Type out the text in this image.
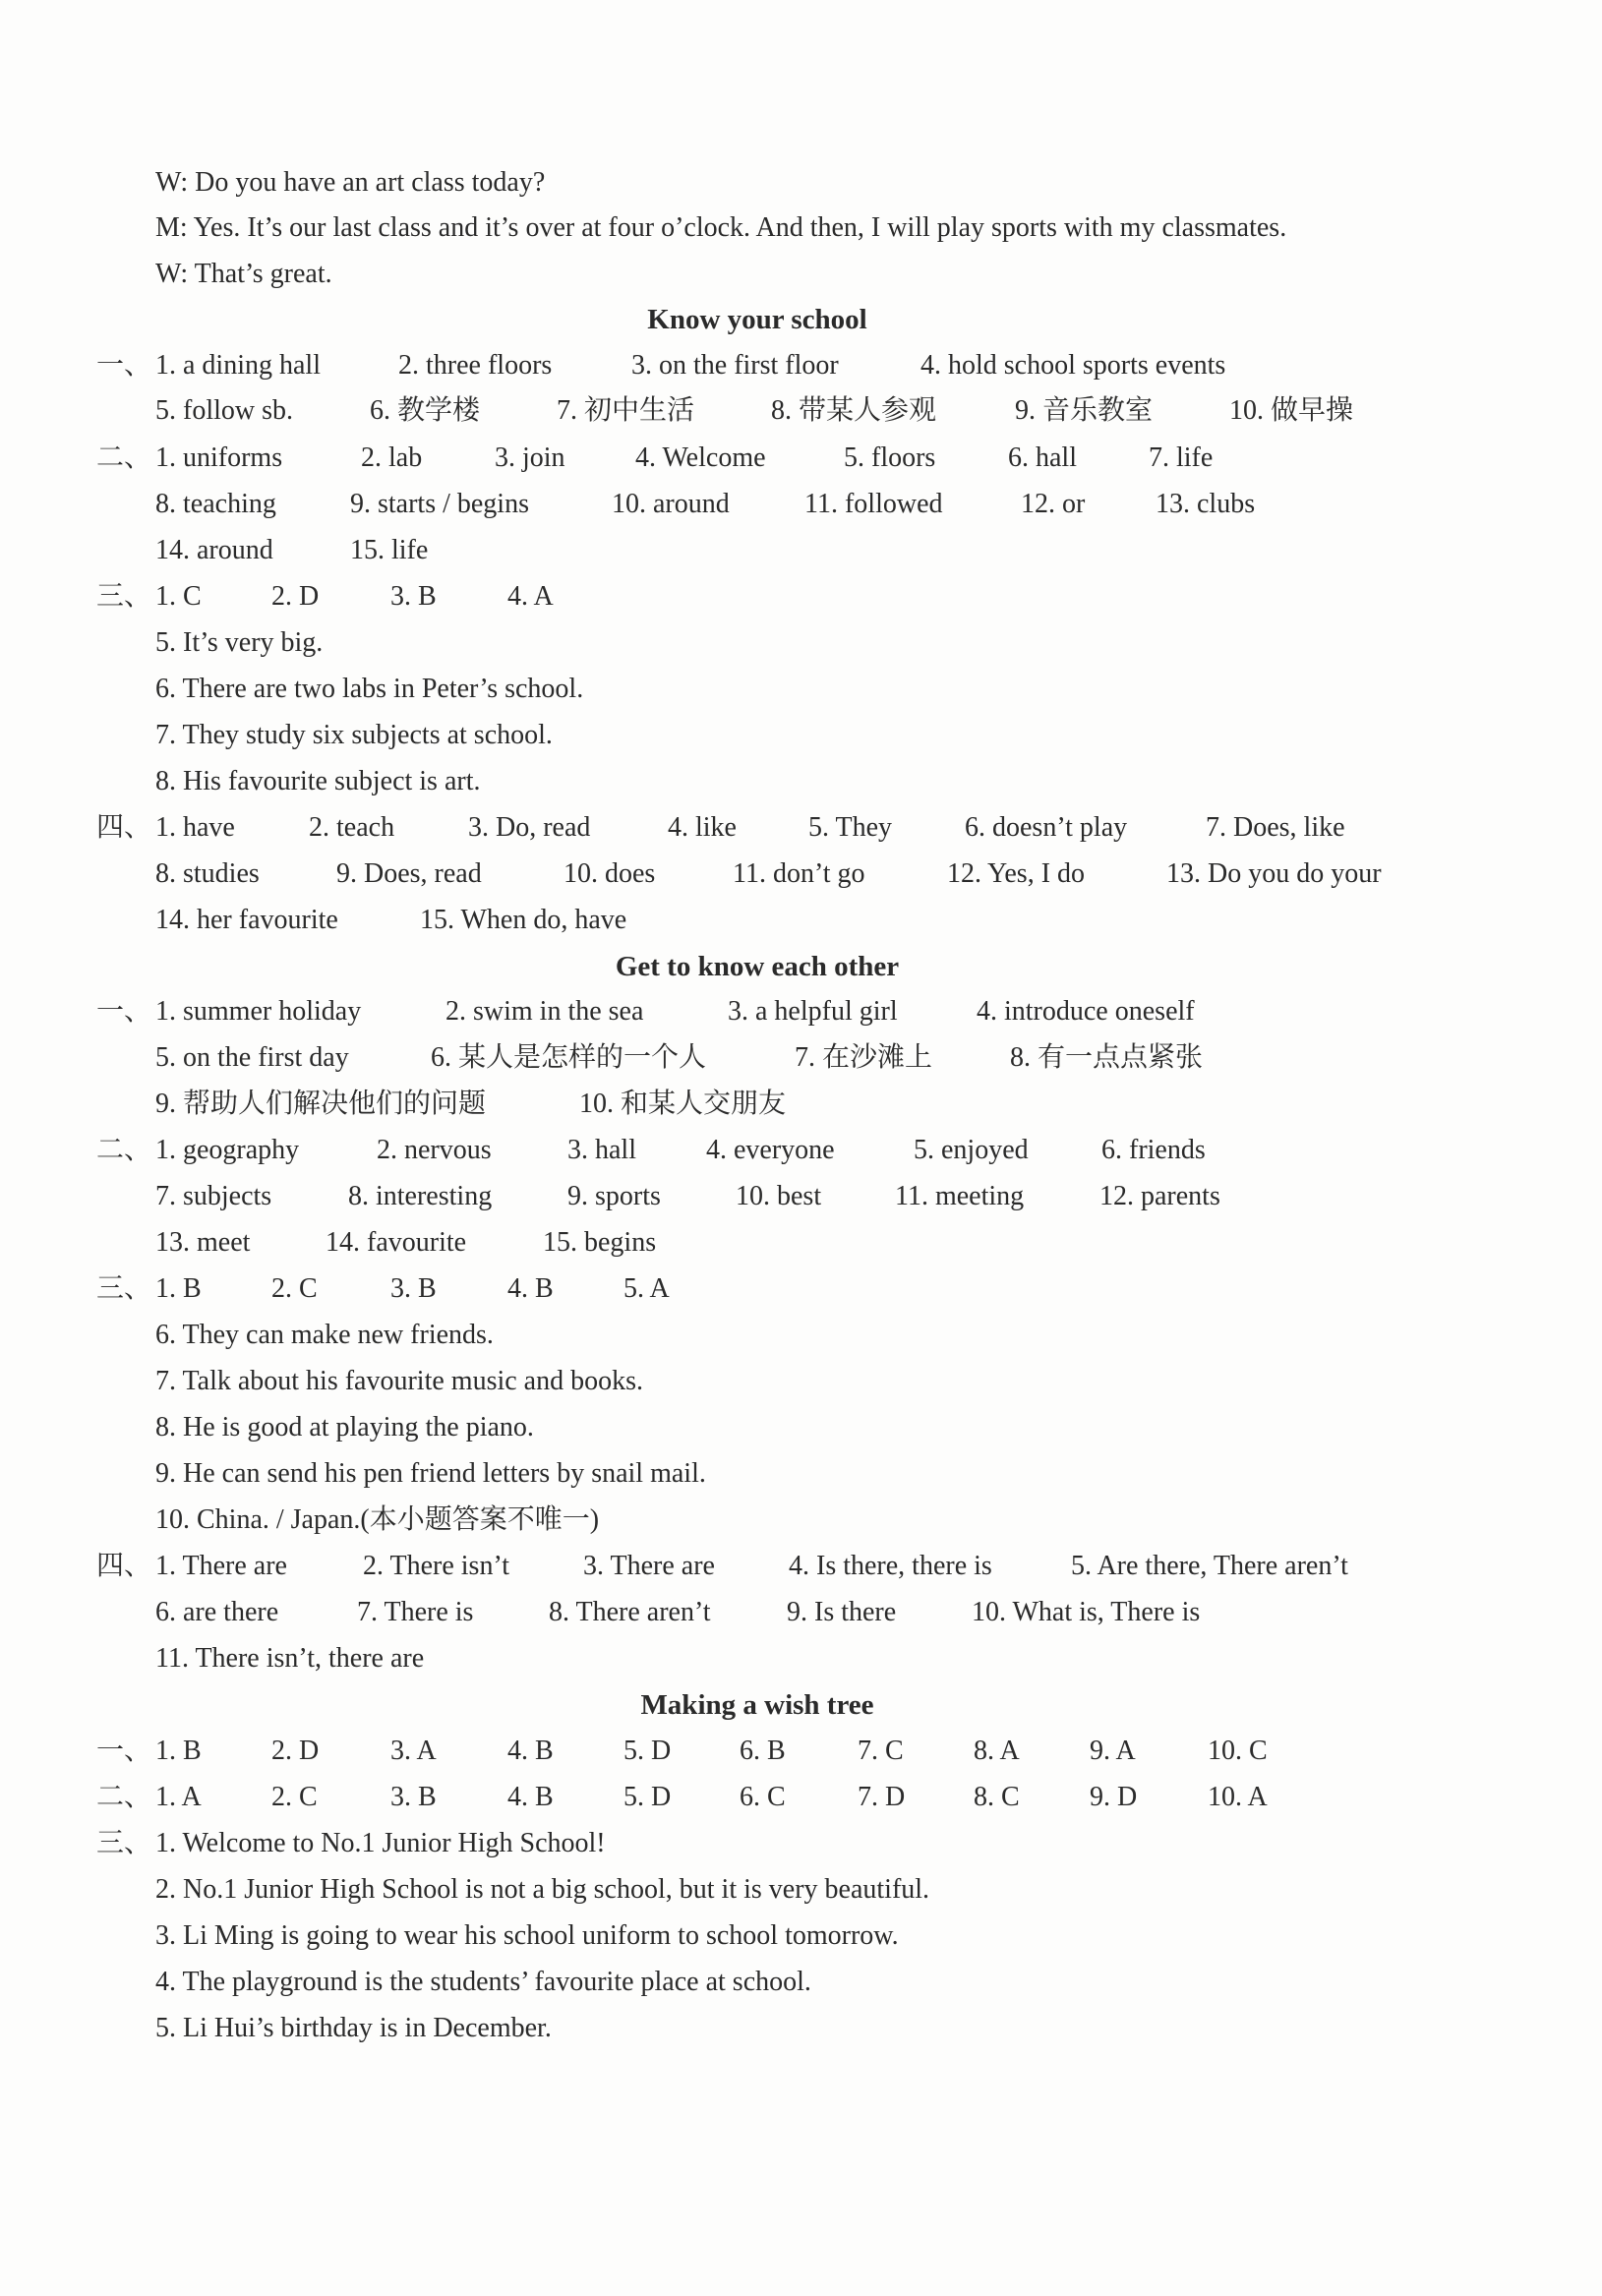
W: Do you have an art class today?
M: Yes. It’s our last class and it’s over at four o’clock. And then, I will play sports with my classmates.
W: That’s great.
Know your school
一、 1. a dining hall	2. three floors	3. on the first floor	4. hold school sports events
5. follow sb.	6. 教学楼	7. 初中生活	8. 带某人参观	9. 音乐教室	10. 做早操
二、 1. uniforms	2. lab	3. join	4. Welcome	5. floors	6. hall	7. life
8. teaching	9. starts / begins	10. around	11. followed	12. or	13. clubs
14. around	15. life
三、 1. C	2. D	3. B	4. A
5. It’s very big.
6. There are two labs in Peter’s school.
7. They study six subjects at school.
8. His favourite subject is art.
四、 1. have	2. teach	3. Do, read	4. like	5. They	6. doesn’t play	7. Does, like
8. studies	9. Does, read	10. does	11. don’t go	12. Yes, I do	13. Do you do your
14. her favourite	15. When do, have
Get to know each other
一、 1. summer holiday	2. swim in the sea	3. a helpful girl	4. introduce oneself
5. on the first day	6. 某人是怎样的一个人	7. 在沙滩上	8. 有一点点紧张
9. 帮助人们解决他们的问题	10. 和某人交朋友
二、 1. geography	2. nervous	3. hall	4. everyone	5. enjoyed	6. friends
7. subjects	8. interesting	9. sports	10. best	11. meeting	12. parents
13. meet	14. favourite	15. begins
三、 1. B	2. C	3. B	4. B	5. A
6. They can make new friends.
7. Talk about his favourite music and books.
8. He is good at playing the piano.
9. He can send his pen friend letters by snail mail.
10. China. / Japan.(本小题答案不唯一)
四、 1. There are	2. There isn’t	3. There are	4. Is there, there is	5. Are there, There aren’t
6. are there	7. There is	8. There aren’t	9. Is there	10. What is, There is
11. There isn’t, there are
Making a wish tree
一、 1. B	2. D	3. A	4. B	5. D 6. B	7. C	8. A	9. A	10. C
二、 1. A	2. C	3. B	4. B	5. D 6. C	7. D 8. C	9. D	10. A
三、 1. Welcome to No.1 Junior High School!
2. No.1 Junior High School is not a big school, but it is very beautiful.
3. Li Ming is going to wear his school uniform to school tomorrow.
4. The playground is the students’ favourite place at school.
5. Li Hui’s birthday is in December.
